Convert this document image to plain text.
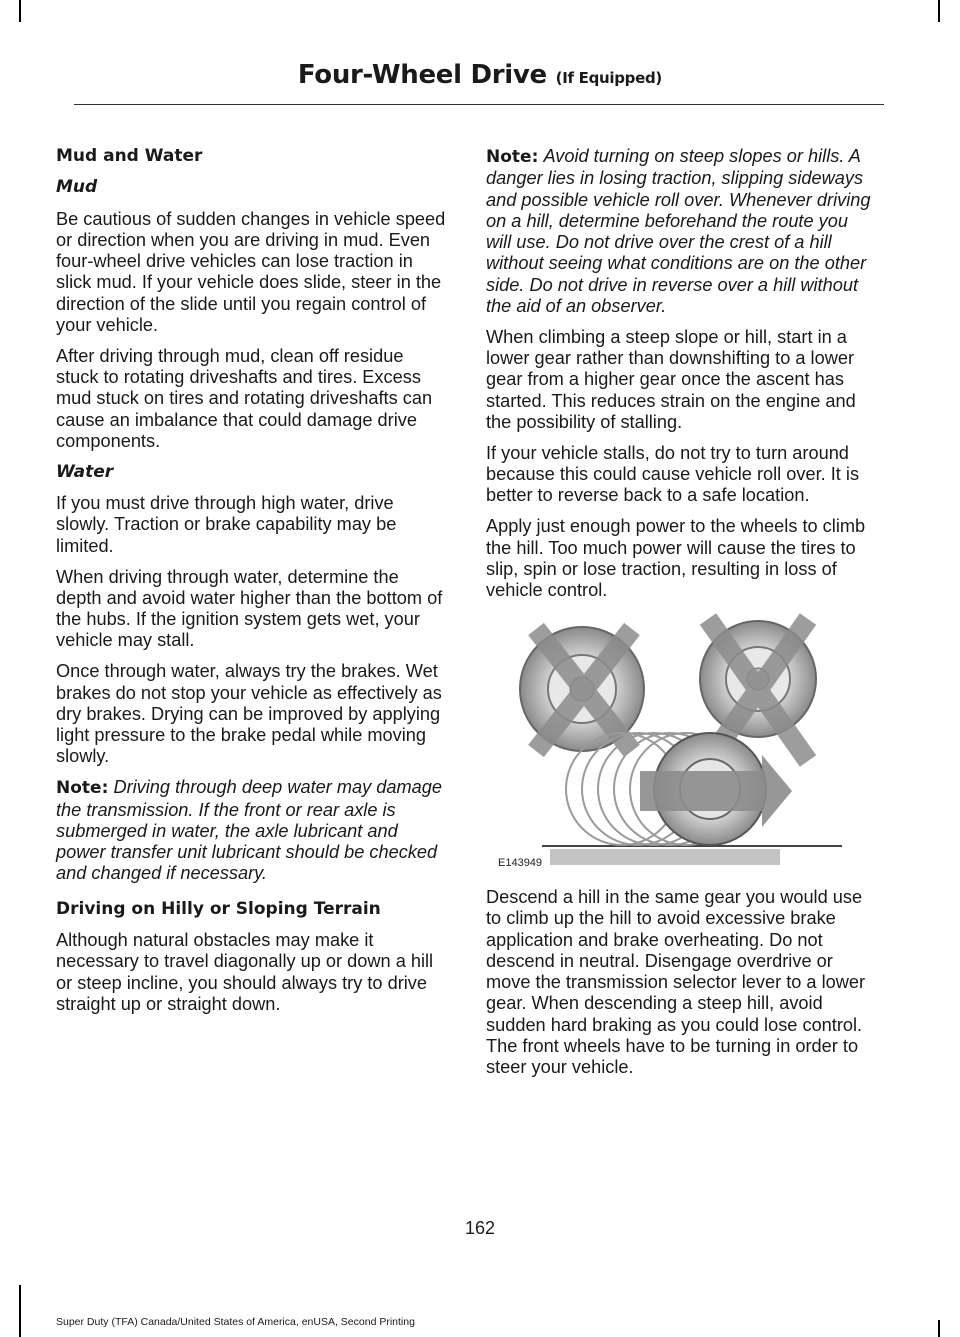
Four-Wheel Drive (If Equipped)

Mud and Water

Mud

Be cautious of sudden changes in vehicle speed or direction when you are driving in mud. Even four-wheel drive vehicles can lose traction in slick mud. If your vehicle does slide, steer in the direction of the slide until you regain control of your vehicle.

After driving through mud, clean off residue stuck to rotating driveshafts and tires. Excess mud stuck on tires and rotating driveshafts can cause an imbalance that could damage drive components.

Water

If you must drive through high water, drive slowly. Traction or brake capability may be limited.

When driving through water, determine the depth and avoid water higher than the bottom of the hubs. If the ignition system gets wet, your vehicle may stall.

Once through water, always try the brakes. Wet brakes do not stop your vehicle as effectively as dry brakes. Drying can be improved by applying light pressure to the brake pedal while moving slowly.

Note: Driving through deep water may damage the transmission. If the front or rear axle is submerged in water, the axle lubricant and power transfer unit lubricant should be checked and changed if necessary.

Driving on Hilly or Sloping Terrain

Although natural obstacles may make it necessary to travel diagonally up or down a hill or steep incline, you should always try to drive straight up or straight down.

Note: Avoid turning on steep slopes or hills. A danger lies in losing traction, slipping sideways and possible vehicle roll over. Whenever driving on a hill, determine beforehand the route you will use. Do not drive over the crest of a hill without seeing what conditions are on the other side. Do not drive in reverse over a hill without the aid of an observer.

When climbing a steep slope or hill, start in a lower gear rather than downshifting to a lower gear from a higher gear once the ascent has started. This reduces strain on the engine and the possibility of stalling.

If your vehicle stalls, do not try to turn around because this could cause vehicle roll over. It is better to reverse back to a safe location.

Apply just enough power to the wheels to climb the hill. Too much power will cause the tires to slip, spin or lose traction, resulting in loss of vehicle control.

E143949

Descend a hill in the same gear you would use to climb up the hill to avoid excessive brake application and brake overheating. Do not descend in neutral. Disengage overdrive or move the transmission selector lever to a lower gear. When descending a steep hill, avoid sudden hard braking as you could lose control. The front wheels have to be turning in order to steer your vehicle.

162
Super Duty (TFA) Canada/United States of America, enUSA, Second Printing
